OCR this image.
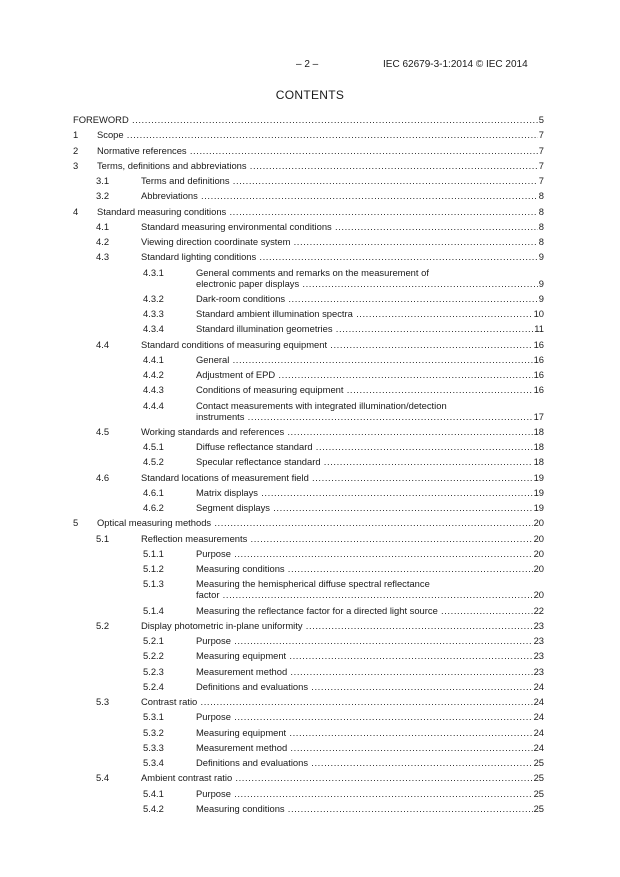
– 2 –	IEC 62679-3-1:2014 © IEC 2014
CONTENTS
FOREWORD .....	5
1 Scope .....	7
2 Normative references .....	7
3 Terms, definitions and abbreviations .....	7
3.1	Terms and definitions .....	7
3.2	Abbreviations .....	8
4 Standard measuring conditions .....	8
4.1	Standard measuring environmental conditions .....	8
4.2	Viewing direction coordinate system .....	8
4.3	Standard lighting conditions .....	9
4.3.1	General comments and remarks on the measurement of
electronic paper displays .....	9
4.3.2	Dark-room conditions .....	9
4.3.3	Standard ambient illumination spectra .....	10
4.3.4	Standard illumination geometries .....	11
4.4	Standard conditions of measuring equipment .....	16
4.4.1	General .....	16
4.4.2	Adjustment of EPD .....	16
4.4.3	Conditions of measuring equipment .....	16
4.4.4	Contact measurements with integrated illumination/detection
instruments .....	17
4.5	Working standards and references .....	18
4.5.1	Diffuse reflectance standard .....	18
4.5.2	Specular reflectance standard .....	18
4.6	Standard locations of measurement field .....	19
4.6.1	Matrix displays .....	19
4.6.2	Segment displays .....	19
5 Optical measuring methods .....	20
5.1	Reflection measurements .....	20
5.1.1	Purpose .....	20
5.1.2	Measuring conditions .....	20
5.1.3	Measuring the hemispherical diffuse spectral reflectance
factor .....	20
5.1.4	Measuring the reflectance factor for a directed light source .....	22
5.2	Display photometric in-plane uniformity .....	23
5.2.1	Purpose .....	23
5.2.2	Measuring equipment .....	23
5.2.3	Measurement method .....	23
5.2.4	Definitions and evaluations .....	24
5.3	Contrast ratio .....	24
5.3.1	Purpose .....	24
5.3.2	Measuring equipment .....	24
5.3.3	Measurement method .....	24
5.3.4	Definitions and evaluations .....	25
5.4	Ambient contrast ratio .....	25
5.4.1	Purpose .....	25
5.4.2	Measuring conditions .....	25
